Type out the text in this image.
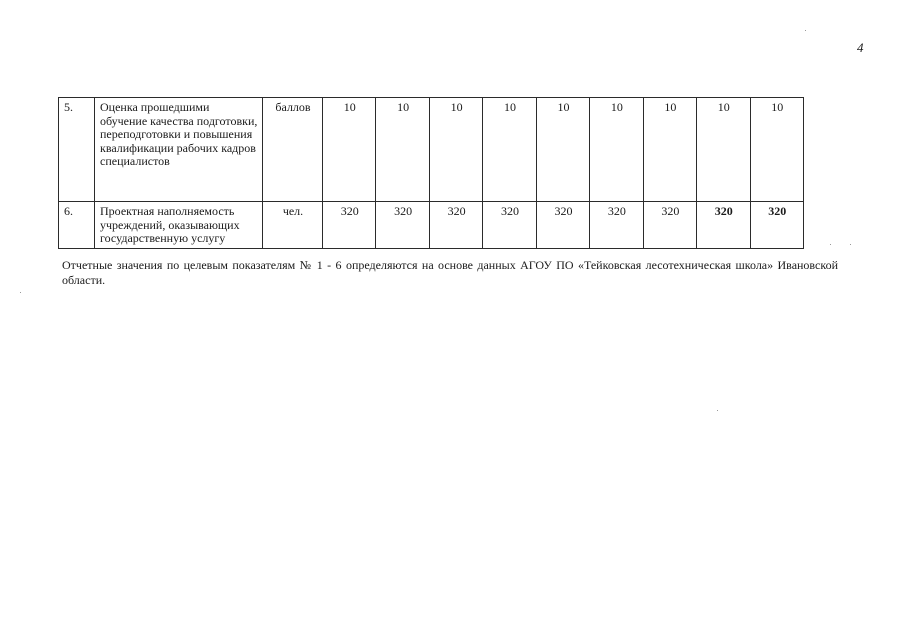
4
5.	Оценка прошедшими обучение качества подготовки, переподготовки и повышения квалификации рабочих кадров специалистов	баллов	10	10	10	10	10	10	10	10	10
6.	Проектная наполняемость учреждений, оказывающих государственную услугу	чел.	320	320	320	320	320	320	320	320	320
Отчетные значения по целевым показателям № 1 - 6 определяются на основе данных АГОУ ПО «Тейковская лесотехническая школа» Ивановской области.
